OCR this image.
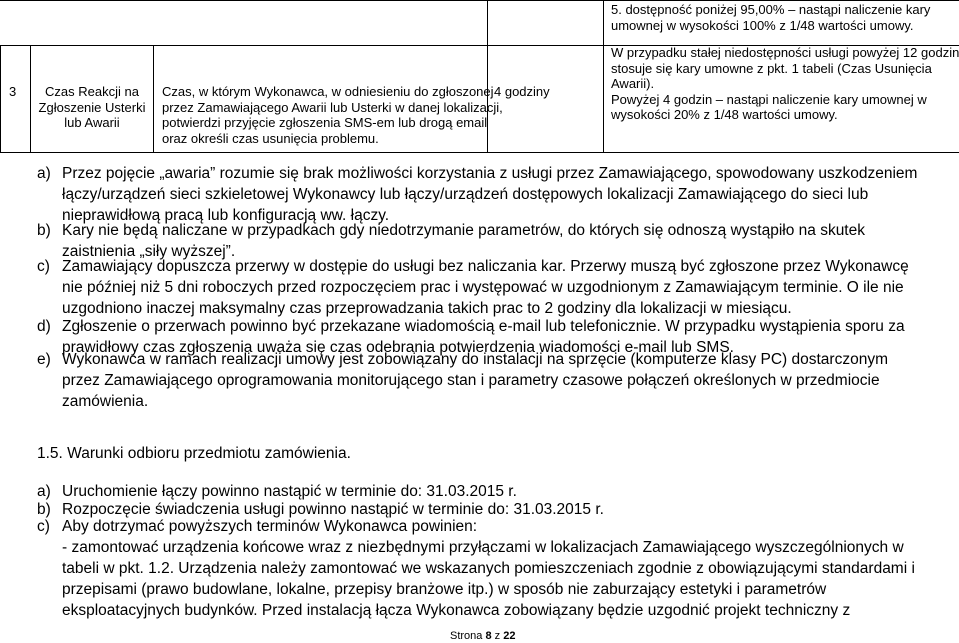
5. dostępność poniżej 95,00% – nastąpi naliczenie kary
umownej w wysokości 100% z 1/48 wartości umowy.
3	Czas Reakcji na
Zgłoszenie Usterki
lub Awarii
Czas, w którym Wykonawca, w odniesieniu do zgłoszonej
przez Zamawiającego Awarii lub Usterki w danej lokalizacji,
potwierdzi przyjęcie zgłoszenia SMS-em lub drogą email
oraz określi czas usunięcia problemu.
4 godziny
W przypadku stałej niedostępności usługi powyżej 12 godzin
stosuje się kary umowne z pkt. 1 tabeli (Czas Usunięcia
Awarii).
Powyżej 4 godzin – nastąpi naliczenie kary umownej w
wysokości 20% z 1/48 wartości umowy.
a) Przez pojęcie „awaria” rozumie się brak możliwości korzystania z usługi przez Zamawiającego, spowodowany uszkodzeniem
łączy/urządzeń sieci szkieletowej Wykonawcy lub łączy/urządzeń dostępowych lokalizacji Zamawiającego do sieci lub
nieprawidłową pracą lub konfiguracją ww. łączy.
b) Kary nie będą naliczane w przypadkach gdy niedotrzymanie parametrów, do których się odnoszą wystąpiło na skutek
zaistnienia „siły wyższej”.
c) Zamawiający dopuszcza przerwy w dostępie do usługi bez naliczania kar. Przerwy muszą być zgłoszone przez Wykonawcę
nie później niż 5 dni roboczych przed rozpoczęciem prac i występować w uzgodnionym z Zamawiającym terminie. O ile nie
uzgodniono inaczej maksymalny czas przeprowadzania takich prac to 2 godziny dla lokalizacji w miesiącu.
d) Zgłoszenie o przerwach powinno być przekazane wiadomością e-mail lub telefonicznie. W przypadku wystąpienia sporu za
prawidłowy czas zgłoszenia uważa się czas odebrania potwierdzenia wiadomości e-mail lub SMS.
e) Wykonawca w ramach realizacji umowy jest zobowiązany do instalacji na sprzęcie (komputerze klasy PC) dostarczonym
przez Zamawiającego oprogramowania monitorującego stan i parametry czasowe połączeń określonych w przedmiocie
zamówienia.
1.5. Warunki odbioru przedmiotu zamówienia.
a) Uruchomienie łączy powinno nastąpić w terminie do: 31.03.2015 r.
b) Rozpoczęcie świadczenia usługi powinno nastąpić w terminie do: 31.03.2015 r.
c) Aby dotrzymać powyższych terminów Wykonawca powinien:
- zamontować urządzenia końcowe wraz z niezbędnymi przyłączami w lokalizacjach Zamawiającego wyszczególnionych w
tabeli w pkt. 1.2. Urządzenia należy zamontować we wskazanych pomieszczeniach zgodnie z obowiązującymi standardami i
przepisami (prawo budowlane, lokalne, przepisy branżowe itp.) w sposób nie zaburzający estetyki i parametrów
eksploatacyjnych budynków. Przed instalacją łącza Wykonawca zobowiązany będzie uzgodnić projekt techniczny z
Strona 8 z 22
